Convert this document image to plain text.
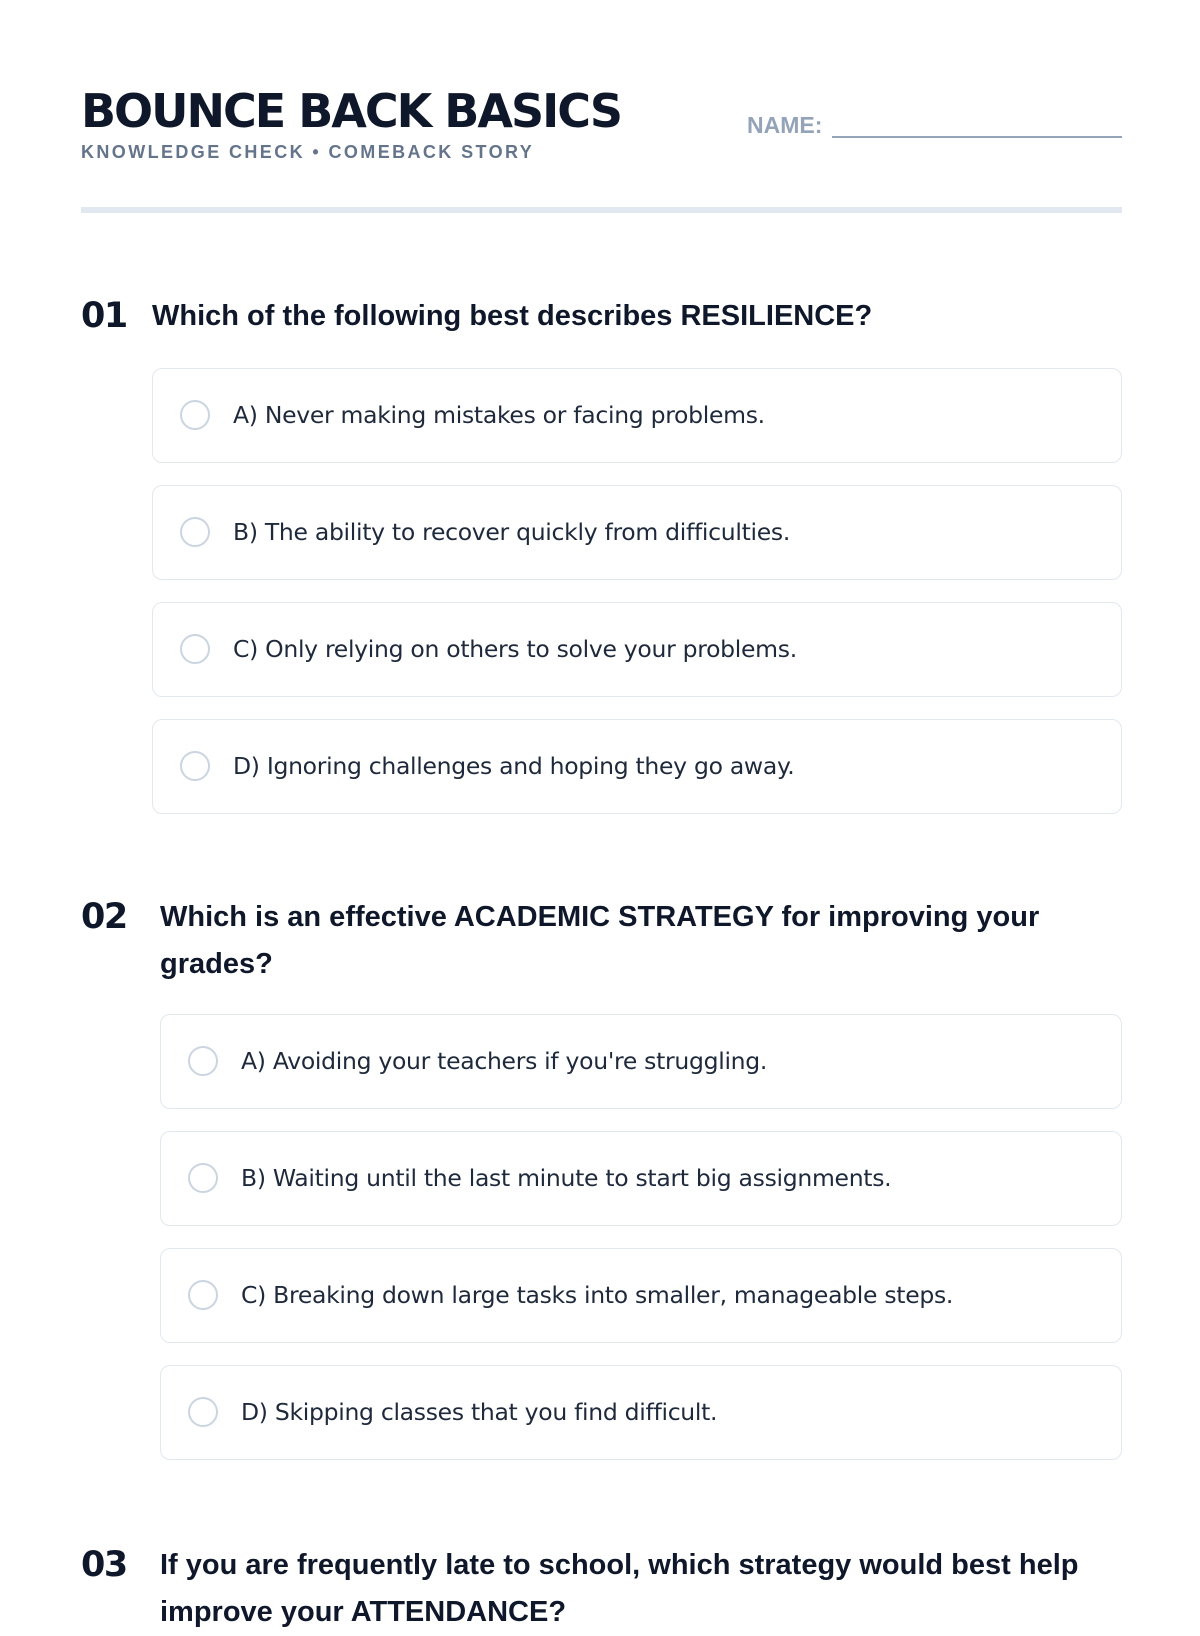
BOUNCE BACK BASICS
KNOWLEDGE CHECK • COMEBACK STORY
NAME:
01 Which of the following best describes RESILIENCE?
A) Never making mistakes or facing problems.
B) The ability to recover quickly from difficulties.
C) Only relying on others to solve your problems.
D) Ignoring challenges and hoping they go away.
02 Which is an effective ACADEMIC STRATEGY for improving your grades?
A) Avoiding your teachers if you're struggling.
B) Waiting until the last minute to start big assignments.
C) Breaking down large tasks into smaller, manageable steps.
D) Skipping classes that you find difficult.
03 If you are frequently late to school, which strategy would best help improve your ATTENDANCE?
